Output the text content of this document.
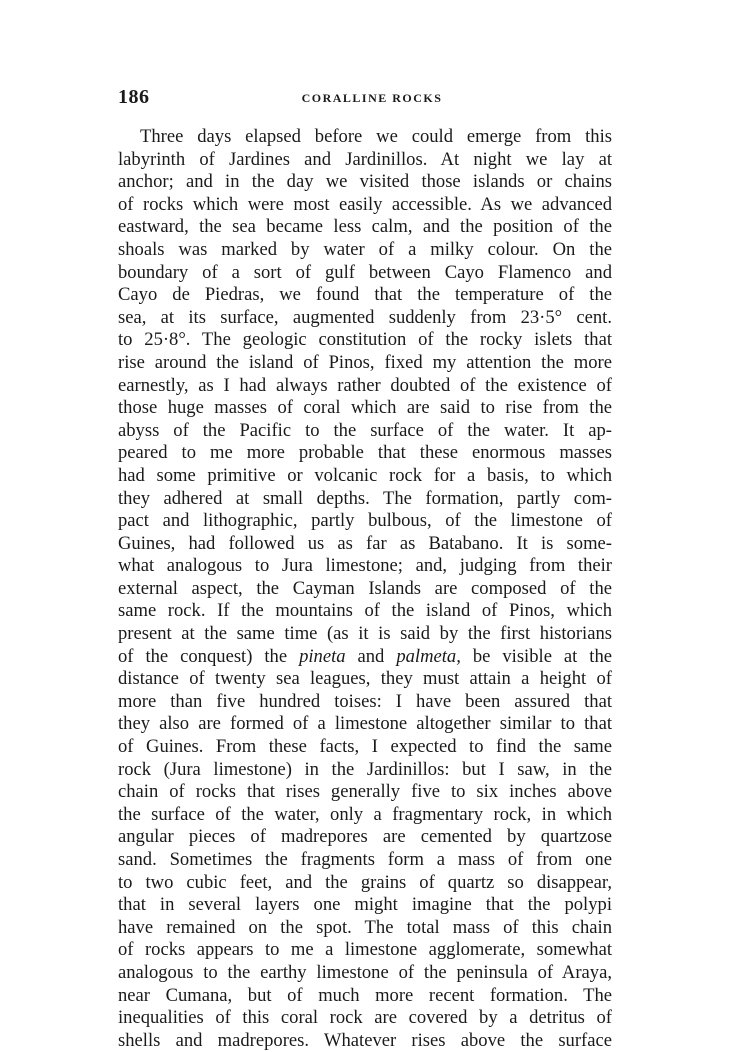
186	CORALLINE ROCKS
Three days elapsed before we could emerge from this
labyrinth of Jardines and Jardinillos. At night we lay at
anchor; and in the day we visited those islands or chains
of rocks which were most easily accessible. As we advanced
eastward, the sea became less calm, and the position of the
shoals was marked by water of a milky colour. On the
boundary of a sort of gulf between Cayo Flamenco and
Cayo de Piedras, we found that the temperature of the
sea, at its surface, augmented suddenly from 23·5° cent.
to 25·8°. The geologic constitution of the rocky islets that
rise around the island of Pinos, fixed my attention the more
earnestly, as I had always rather doubted of the existence of
those huge masses of coral which are said to rise from the
abyss of the Pacific to the surface of the water. It ap-
peared to me more probable that these enormous masses
had some primitive or volcanic rock for a basis, to which
they adhered at small depths. The formation, partly com-
pact and lithographic, partly bulbous, of the limestone of
Guines, had followed us as far as Batabano. It is some-
what analogous to Jura limestone; and, judging from their
external aspect, the Cayman Islands are composed of the
same rock. If the mountains of the island of Pinos, which
present at the same time (as it is said by the first historians
of the conquest) the pineta and palmeta, be visible at the
distance of twenty sea leagues, they must attain a height of
more than five hundred toises: I have been assured that
they also are formed of a limestone altogether similar to that
of Guines. From these facts, I expected to find the same
rock (Jura limestone) in the Jardinillos: but I saw, in the
chain of rocks that rises generally five to six inches above
the surface of the water, only a fragmentary rock, in which
angular pieces of madrepores are cemented by quartzose
sand. Sometimes the fragments form a mass of from one
to two cubic feet, and the grains of quartz so disappear,
that in several layers one might imagine that the polypi
have remained on the spot. The total mass of this chain
of rocks appears to me a limestone agglomerate, somewhat
analogous to the earthy limestone of the peninsula of Araya,
near Cumana, but of much more recent formation. The
inequalities of this coral rock are covered by a detritus of
shells and madrepores. Whatever rises above the surface
